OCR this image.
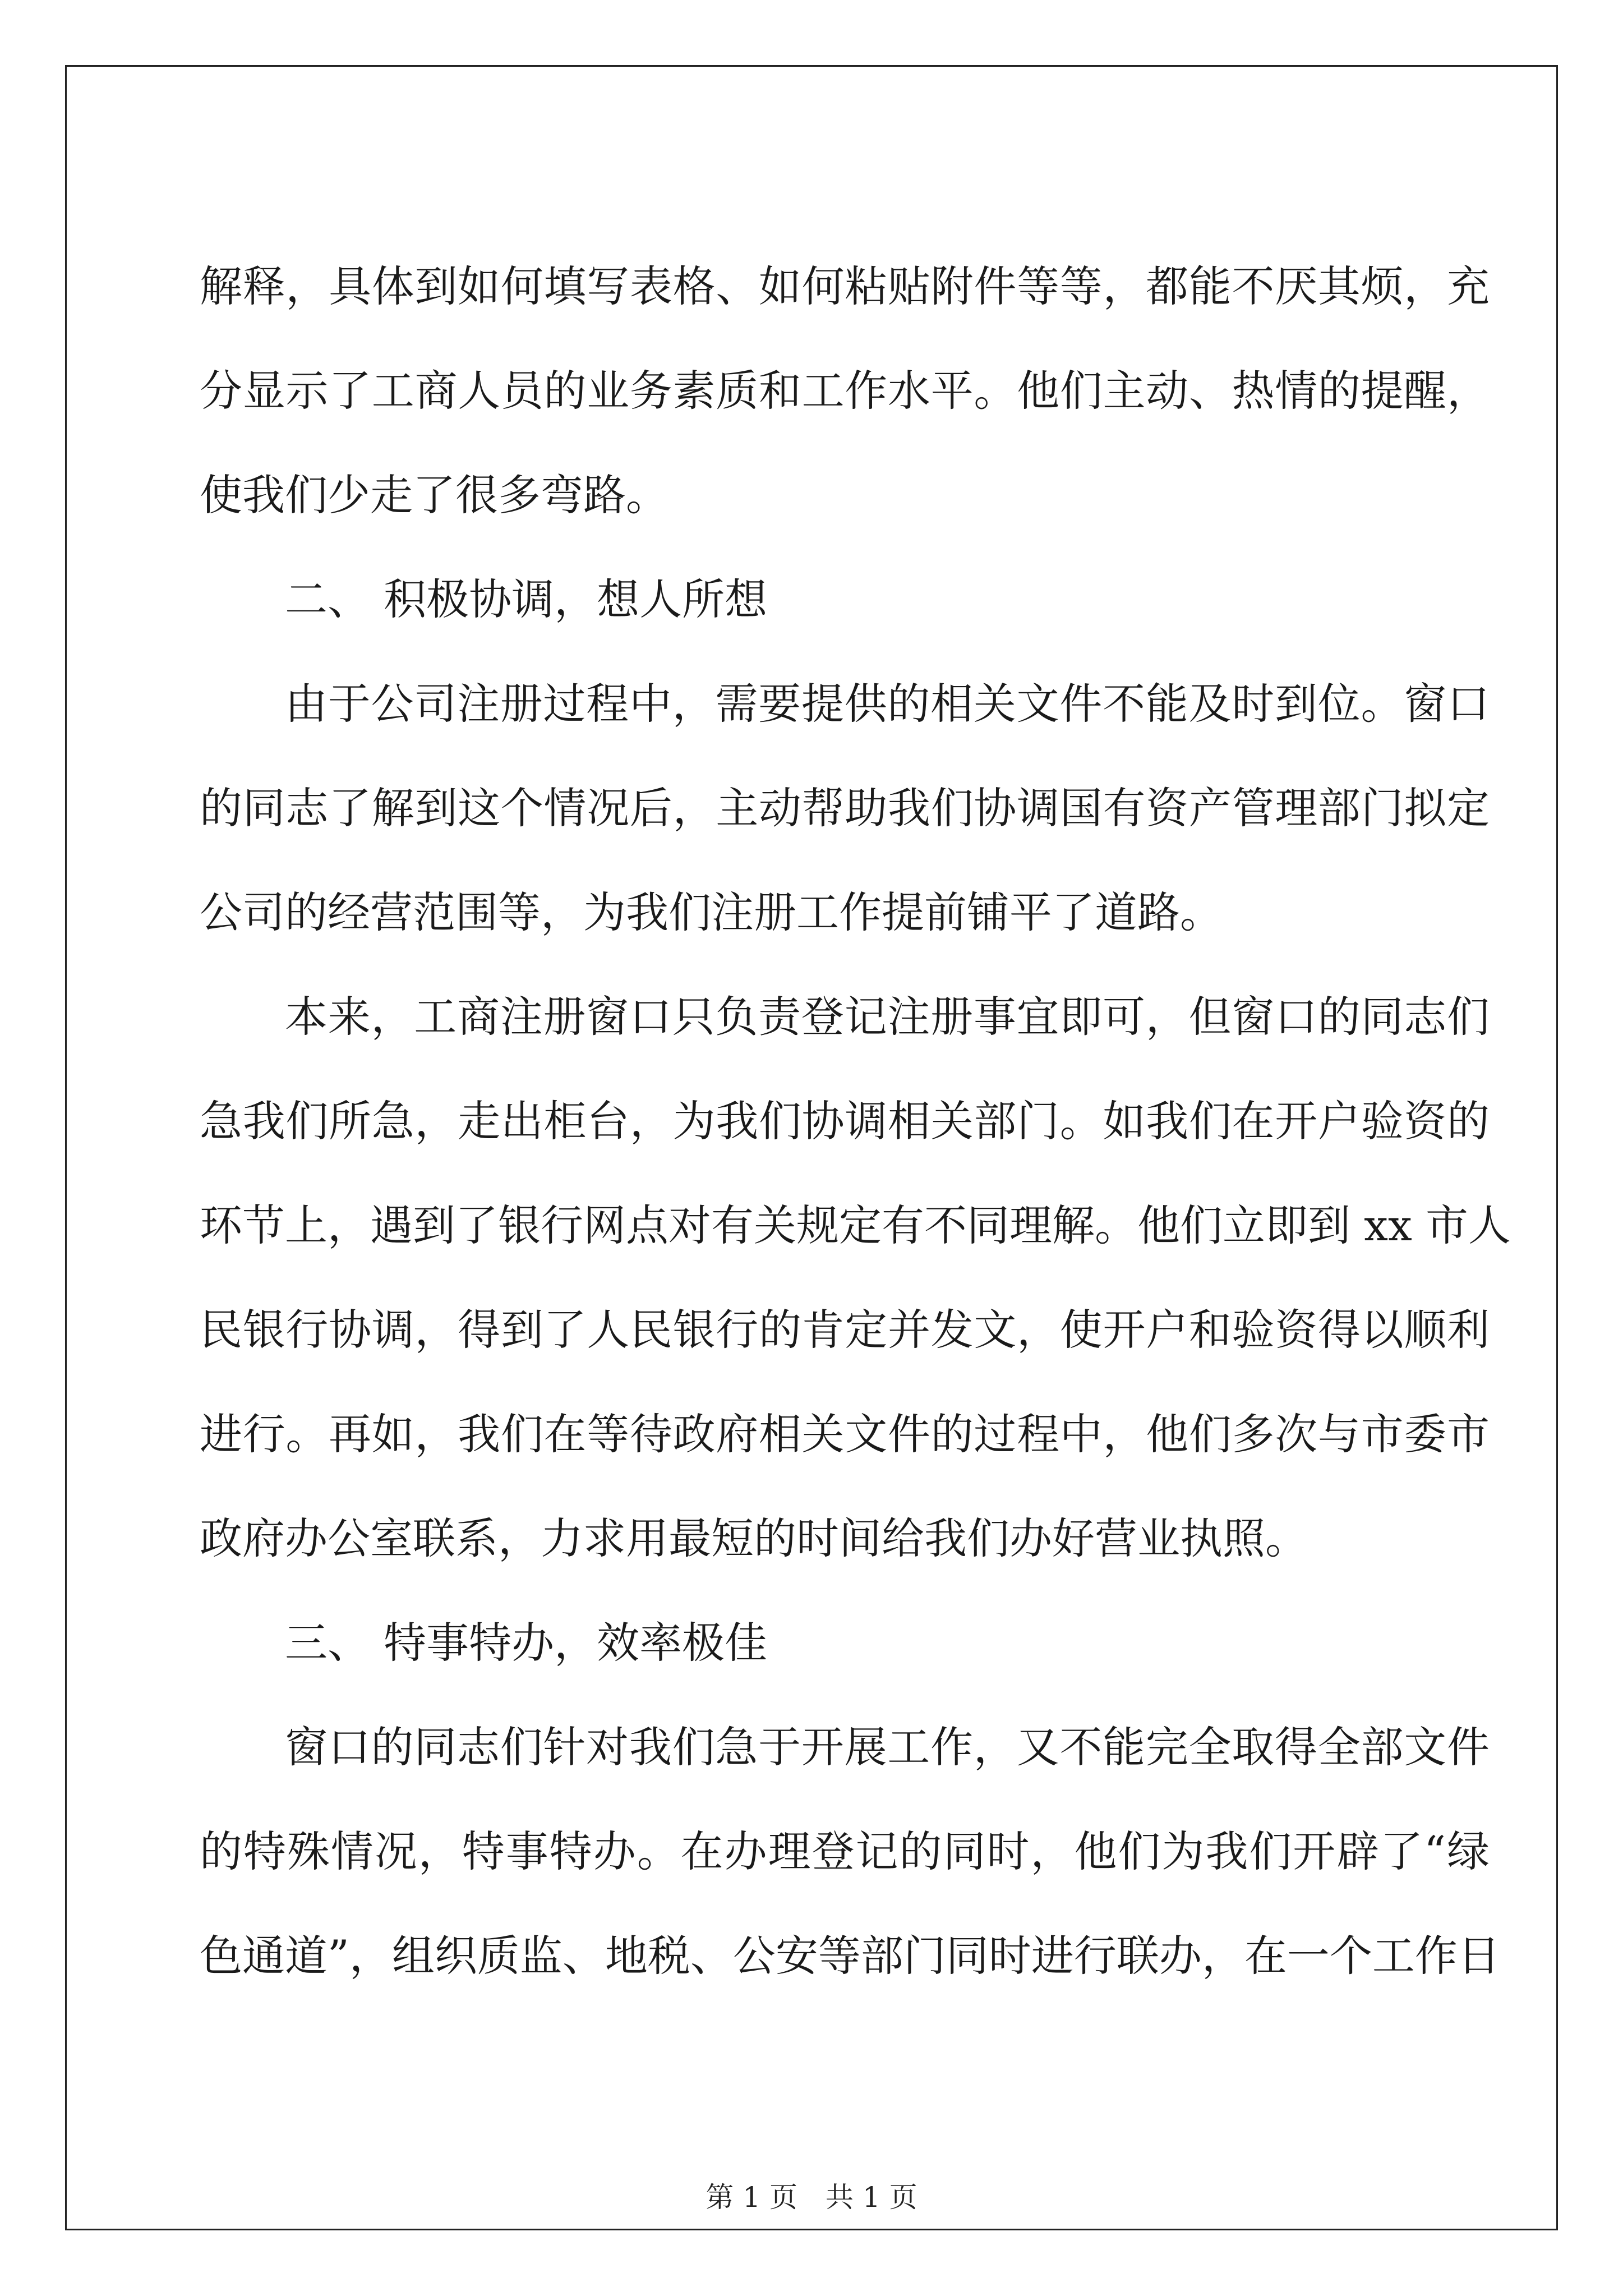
解释，具体到如何填写表格、如何粘贴附件等等，都能不厌其烦，充
分显示了工商人员的业务素质和工作水平。他们主动、热情的提醒，
使我们少走了很多弯路。
二、 积极协调，想人所想
由于公司注册过程中，需要提供的相关文件不能及时到位。窗口
的同志了解到这个情况后，主动帮助我们协调国有资产管理部门拟定
公司的经营范围等，为我们注册工作提前铺平了道路。
本来，工商注册窗口只负责登记注册事宜即可，但窗口的同志们
急我们所急，走出柜台，为我们协调相关部门。如我们在开户验资的
环节上，遇到了银行网点对有关规定有不同理解。他们立即到 xx 市人
民银行协调，得到了人民银行的肯定并发文，使开户和验资得以顺利
进行。再如，我们在等待政府相关文件的过程中，他们多次与市委市
政府办公室联系，力求用最短的时间给我们办好营业执照。
三、 特事特办，效率极佳
窗口的同志们针对我们急于开展工作，又不能完全取得全部文件
的特殊情况，特事特办。在办理登记的同时，他们为我们开辟了“绿
色通道”，组织质监、地税、公安等部门同时进行联办，在一个工作日
第 1 页 共 1 页
